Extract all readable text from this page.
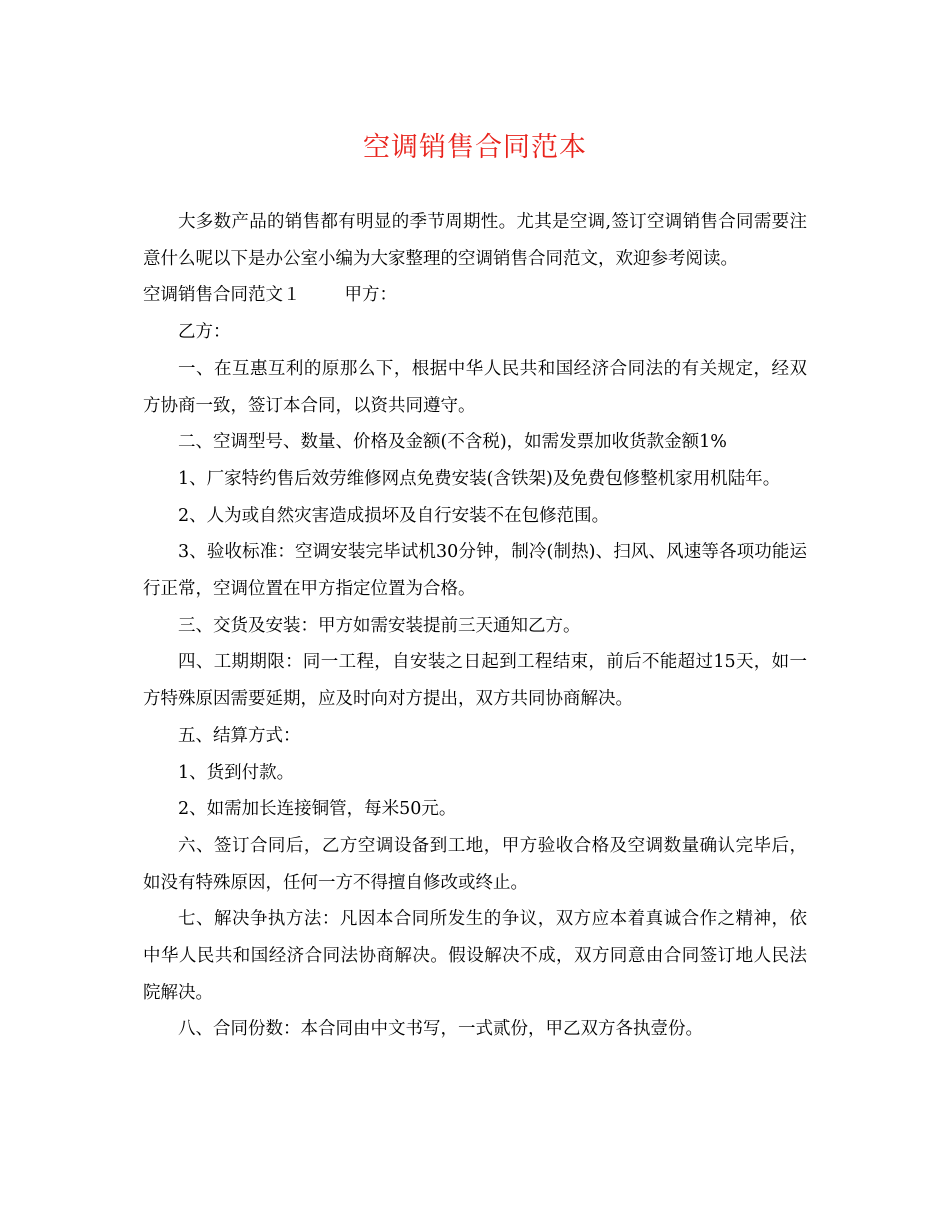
空调销售合同范本

大多数产品的销售都有明显的季节周期性。尤其是空调,签订空调销售合同需要注意什么呢以下是办公室小编为大家整理的空调销售合同范文，欢迎参考阅读。

空调销售合同范文１	甲方：

乙方：

一、在互惠互利的原那么下，根据中华人民共和国经济合同法的有关规定，经双方协商一致，签订本合同，以资共同遵守。

二、空调型号、数量、价格及金额(不含税)，如需发票加收货款金额1%

1、厂家特约售后效劳维修网点免费安装(含铁架)及免费包修整机家用机陆年。

2、人为或自然灾害造成损坏及自行安装不在包修范围。

3、验收标准：空调安装完毕试机30分钟，制冷(制热)、扫风、风速等各项功能运行正常，空调位置在甲方指定位置为合格。

三、交货及安装：甲方如需安装提前三天通知乙方。

四、工期期限：同一工程，自安装之日起到工程结束，前后不能超过15天，如一方特殊原因需要延期，应及时向对方提出，双方共同协商解决。

五、结算方式：

1、货到付款。

2、如需加长连接铜管，每米50元。

六、签订合同后，乙方空调设备到工地，甲方验收合格及空调数量确认完毕后，如没有特殊原因，任何一方不得擅自修改或终止。

七、解决争执方法：凡因本合同所发生的争议，双方应本着真诚合作之精神，依中华人民共和国经济合同法协商解决。假设解决不成，双方同意由合同签订地人民法院解决。

八、合同份数：本合同由中文书写，一式贰份，甲乙双方各执壹份。
